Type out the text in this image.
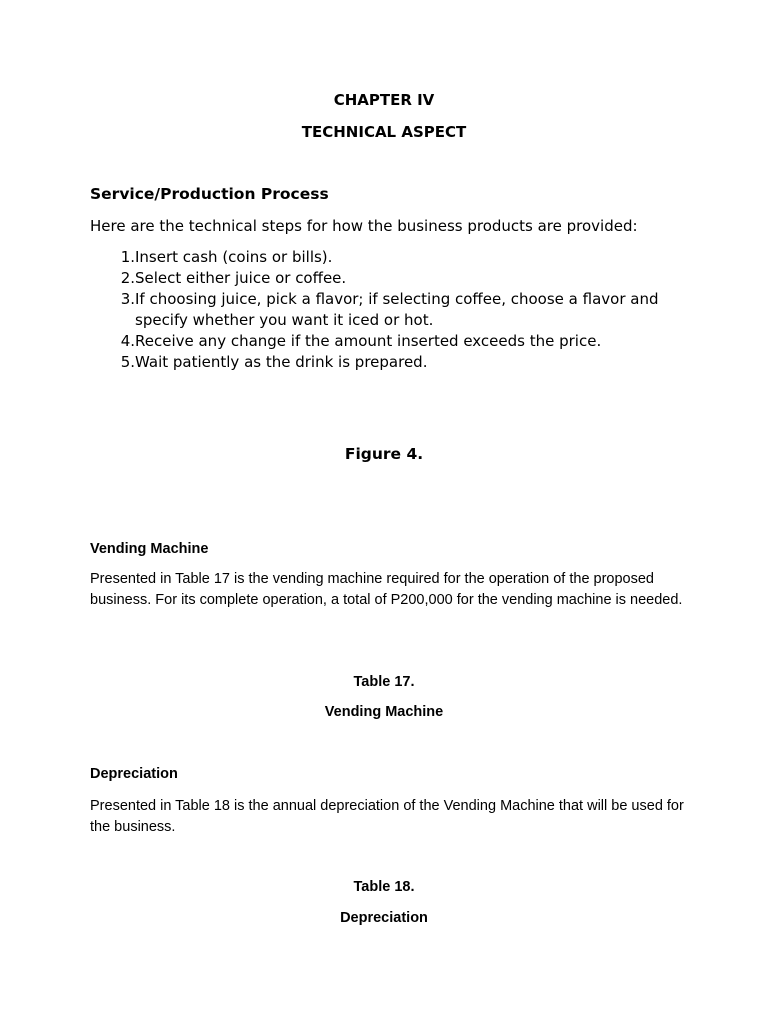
CHAPTER IV
TECHNICAL ASPECT
Service/Production Process
Here are the technical steps for how the business products are provided:
1. Insert cash (coins or bills).
2. Select either juice or coffee.
3. If choosing juice, pick a flavor; if selecting coffee, choose a flavor and specify whether you want it iced or hot.
4. Receive any change if the amount inserted exceeds the price.
5. Wait patiently as the drink is prepared.
Figure 4.
Vending Machine
Presented in Table 17 is the vending machine required for the operation of the proposed business. For its complete operation, a total of P200,000 for the vending machine is needed.
Table 17.
Vending Machine
Depreciation
Presented in Table 18 is the annual depreciation of the Vending Machine that will be used for the business.
Table 18.
Depreciation
